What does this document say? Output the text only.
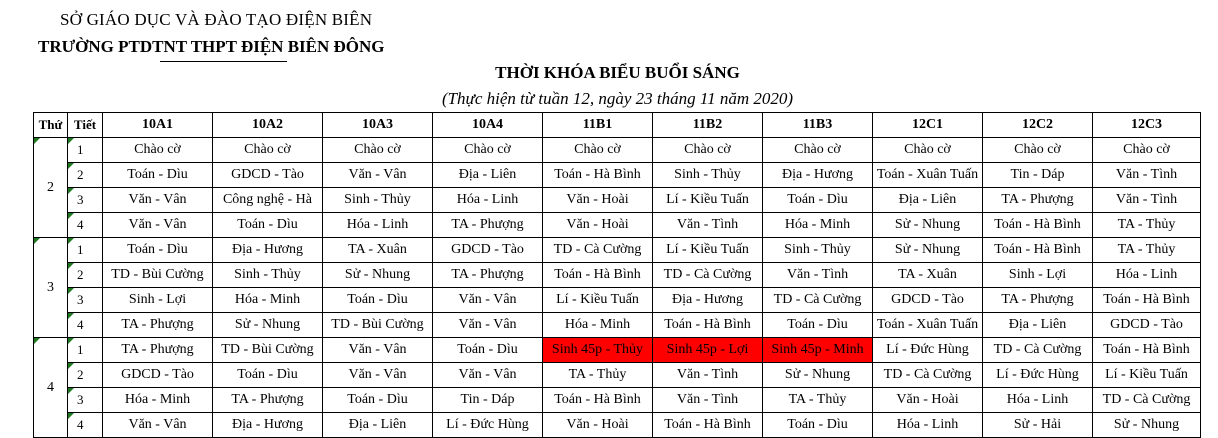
SỞ GIÁO DỤC VÀ ĐÀO TẠO ĐIỆN BIÊN
TRƯỜNG PTDTNT THPT ĐIỆN BIÊN ĐÔNG
THỜI KHÓA BIỂU BUỔI SÁNG
(Thực hiện từ tuần 12, ngày 23 tháng 11 năm 2020)
Thứ	Tiết	10A1	10A2	10A3	10A4	11B1	11B2	11B3	12C1	12C2	12C3
2	1	Chào cờ	Chào cờ	Chào cờ	Chào cờ	Chào cờ	Chào cờ	Chào cờ	Chào cờ	Chào cờ	Chào cờ
	2	Toán - Dìu	GDCD - Tào	Văn - Vân	Địa - Liên	Toán - Hà Bình	Sinh - Thủy	Địa - Hương	Toán - Xuân Tuấn	Tin - Dáp	Văn - Tình
	3	Văn - Vân	Công nghệ - Hà	Sinh - Thủy	Hóa - Linh	Văn - Hoài	Lí - Kiều Tuấn	Toán - Dìu	Địa - Liên	TA - Phượng	Văn - Tình
	4	Văn - Vân	Toán - Dìu	Hóa - Linh	TA - Phượng	Văn - Hoài	Văn - Tình	Hóa - Minh	Sử - Nhung	Toán - Hà Bình	TA - Thủy
3	1	Toán - Dìu	Địa - Hương	TA - Xuân	GDCD - Tào	TD - Cà Cường	Lí - Kiều Tuấn	Sinh - Thủy	Sử - Nhung	Toán - Hà Bình	TA - Thủy
	2	TD - Bùi Cường	Sinh - Thủy	Sử - Nhung	TA - Phượng	Toán - Hà Bình	TD - Cà Cường	Văn - Tình	TA - Xuân	Sinh - Lợi	Hóa - Linh
	3	Sinh - Lợi	Hóa - Minh	Toán - Dìu	Văn - Vân	Lí - Kiều Tuấn	Địa - Hương	TD - Cà Cường	GDCD - Tào	TA - Phượng	Toán - Hà Bình
	4	TA - Phượng	Sử - Nhung	TD - Bùi Cường	Văn - Vân	Hóa - Minh	Toán - Hà Bình	Toán - Dìu	Toán - Xuân Tuấn	Địa - Liên	GDCD - Tào
4	1	TA - Phượng	TD - Bùi Cường	Văn - Vân	Toán - Dìu	Sinh 45p - Thủy	Sinh 45p - Lợi	Sinh 45p - Minh	Lí - Đức Hùng	TD - Cà Cường	Toán - Hà Bình
	2	GDCD - Tào	Toán - Dìu	Văn - Vân	Văn - Vân	TA - Thủy	Văn - Tình	Sử - Nhung	TD - Cà Cường	Lí - Đức Hùng	Lí - Kiều Tuấn
	3	Hóa - Minh	TA - Phượng	Toán - Dìu	Tin - Dáp	Toán - Hà Bình	Văn - Tình	TA - Thủy	Văn - Hoài	Hóa - Linh	TD - Cà Cường
	4	Văn - Vân	Địa - Hương	Địa - Liên	Lí - Đức Hùng	Văn - Hoài	Toán - Hà Bình	Toán - Dìu	Hóa - Linh	Sử - Hải	Sử - Nhung
